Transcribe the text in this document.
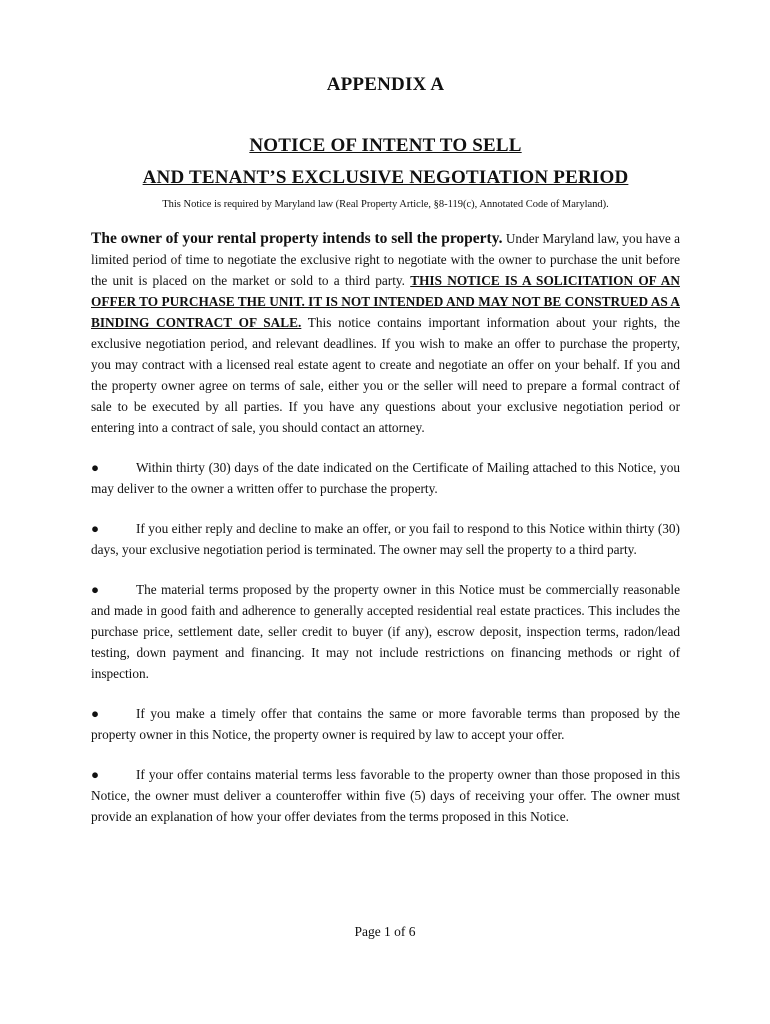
APPENDIX A
NOTICE OF INTENT TO SELL
AND TENANT’S EXCLUSIVE NEGOTIATION PERIOD

This Notice is required by Maryland law (Real Property Article, §8-119(c), Annotated Code of Maryland).

The owner of your rental property intends to sell the property. Under Maryland law, you have a limited period of time to negotiate the exclusive right to negotiate with the owner to purchase the unit before the unit is placed on the market or sold to a third party. THIS NOTICE IS A SOLICITATION OF AN OFFER TO PURCHASE THE UNIT. IT IS NOT INTENDED AND MAY NOT BE CONSTRUED AS A BINDING CONTRACT OF SALE. This notice contains important information about your rights, the exclusive negotiation period, and relevant deadlines. If you wish to make an offer to purchase the property, you may contract with a licensed real estate agent to create and negotiate an offer on your behalf. If you and the property owner agree on terms of sale, either you or the seller will need to prepare a formal contract of sale to be executed by all parties. If you have any questions about your exclusive negotiation period or entering into a contract of sale, you should contact an attorney.

●	Within thirty (30) days of the date indicated on the Certificate of Mailing attached to this Notice, you may deliver to the owner a written offer to purchase the property.

●	If you either reply and decline to make an offer, or you fail to respond to this Notice within thirty (30) days, your exclusive negotiation period is terminated. The owner may sell the property to a third party.

●	The material terms proposed by the property owner in this Notice must be commercially reasonable and made in good faith and adherence to generally accepted residential real estate practices. This includes the purchase price, settlement date, seller credit to buyer (if any), escrow deposit, inspection terms, radon/lead testing, down payment and financing. It may not include restrictions on financing methods or right of inspection.

●	If you make a timely offer that contains the same or more favorable terms than proposed by the property owner in this Notice, the property owner is required by law to accept your offer.

●	If your offer contains material terms less favorable to the property owner than those proposed in this Notice, the owner must deliver a counteroffer within five (5) days of receiving your offer. The owner must provide an explanation of how your offer deviates from the terms proposed in this Notice.

Page 1 of 6
